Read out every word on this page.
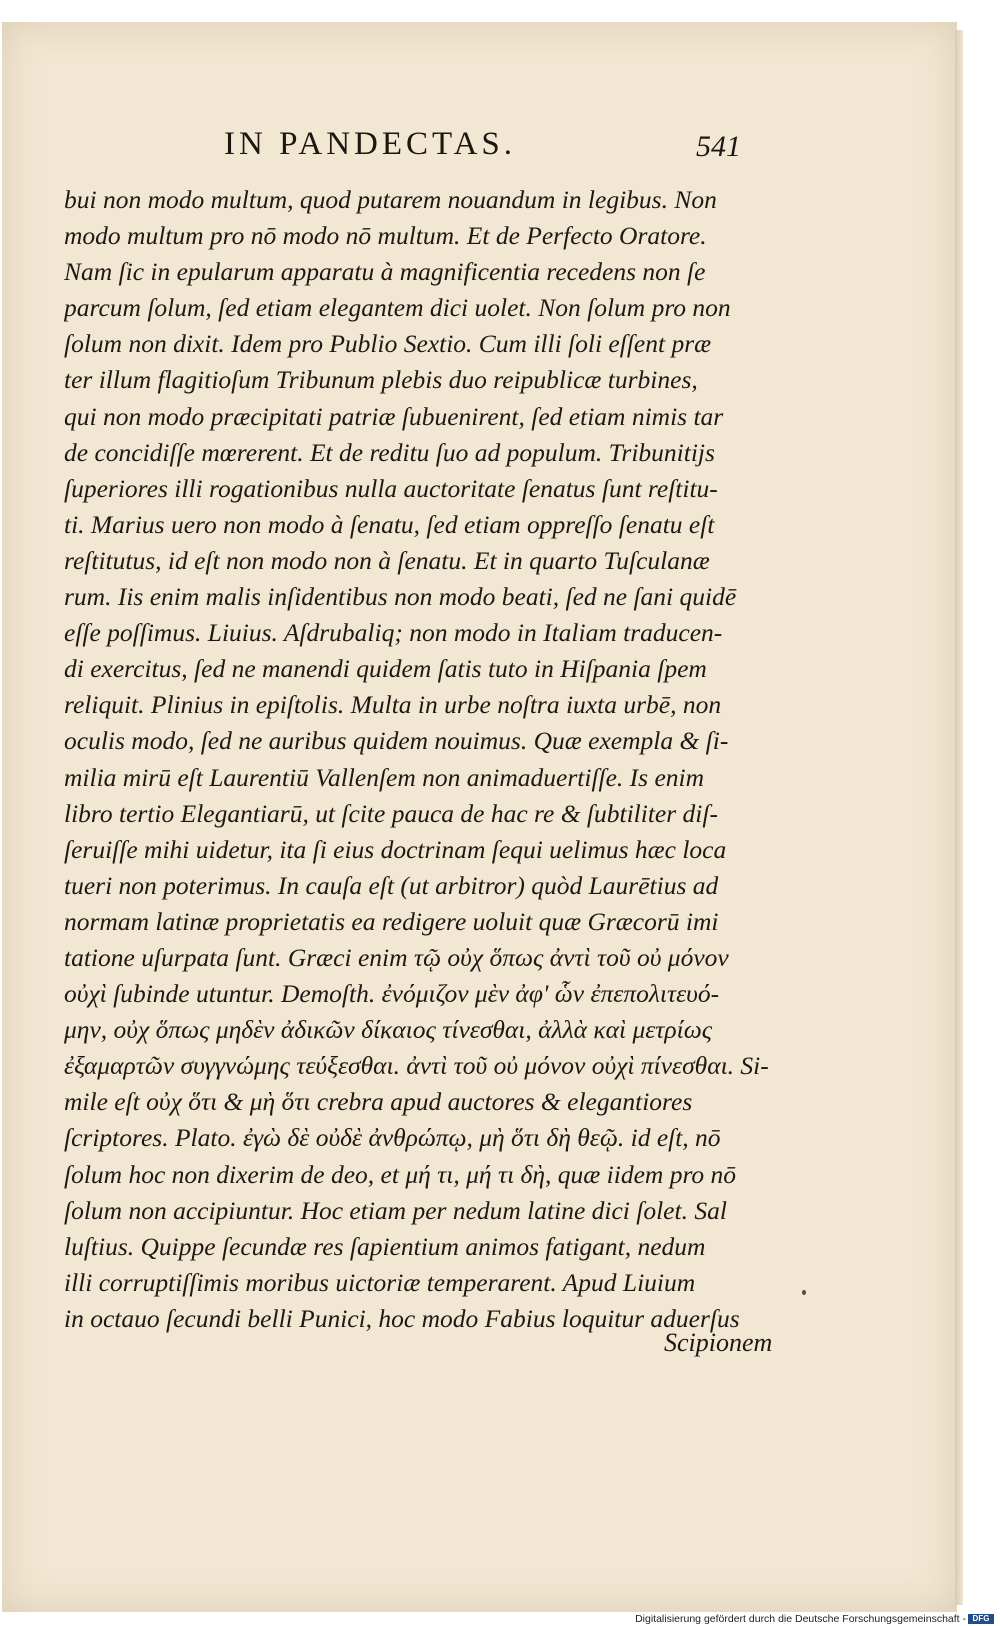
IN PANDECTAS.	541
bui non modo multum, quod putarem nouandum in legibus. Non
modo multum pro nō modo nō multum. Et de Perfecto Oratore.
Nam ſic in epularum apparatu à magnificentia recedens non ſe
parcum ſolum, ſed etiam elegantem dici uolet. Non ſolum pro non
ſolum non dixit. Idem pro Publio Sextio. Cum illi ſoli eſſent præ
ter illum flagitioſum Tribunum plebis duo reipublicæ turbines,
qui non modo præcipitati patriæ ſubuenirent, ſed etiam nimis tar
de concidiſſe mœrerent. Et de reditu ſuo ad populum. Tribunitijs
ſuperiores illi rogationibus nulla auctoritate ſenatus ſunt reſtitu-
ti. Marius uero non modo à ſenatu, ſed etiam oppreſſo ſenatu eſt
reſtitutus, id eſt non modo non à ſenatu. Et in quarto Tuſculanæ
rum. Iis enim malis inſidentibus non modo beati, ſed ne ſani quidē
eſſe poſſimus. Liuius. Aſdrubaliq; non modo in Italiam traducen-
di exercitus, ſed ne manendi quidem ſatis tuto in Hiſpania ſpem
reliquit. Plinius in epiſtolis. Multa in urbe noſtra iuxta urbē, non
oculis modo, ſed ne auribus quidem nouimus. Quæ exempla & ſi-
milia mirū eſt Laurentiū Vallenſem non animaduertiſſe. Is enim
libro tertio Elegantiarū, ut ſcite pauca de hac re & ſubtiliter diſ-
ſeruiſſe mihi uidetur, ita ſi eius doctrinam ſequi uelimus hæc loca
tueri non poterimus. In cauſa eſt (ut arbitror) quòd Laurētius ad
normam latinæ proprietatis ea redigere uoluit quæ Græcorū imi
tatione uſurpata ſunt. Græci enim τῷ οὐχ ὅπως ἀντὶ τοῦ οὐ μόνον
οὐχὶ ſubinde utuntur. Demoſth. ἐνόμιζον μὲν ἀφ' ὧν ἐπεπολιτευό-
μην, οὐχ ὅπως μηδὲν ἀδικῶν δίκαιος τίνεσθαι, ἀλλὰ καὶ μετρίως
ἐξαμαρτῶν συγγνώμης τεύξεσθαι. ἀντὶ τοῦ οὐ μόνον οὐχὶ πίνεσθαι. Si-
mile eſt οὐχ ὅτι & μὴ ὅτι crebra apud auctores & elegantiores
ſcriptores. Plato. ἐγὼ δὲ οὐδὲ ἀνθρώπῳ, μὴ ὅτι δὴ θεῷ. id eſt, nō
ſolum hoc non dixerim de deo, et μή τι, μή τι δὴ, quæ iidem pro nō
ſolum non accipiuntur. Hoc etiam per nedum latine dici ſolet. Sal
luſtius. Quippe ſecundæ res ſapientium animos fatigant, nedum
illi corruptiſſimis moribus uictoriæ temperarent. Apud Liuium
in octauo ſecundi belli Punici, hoc modo Fabius loquitur aduerſus
Scipionem
Digitalisierung gefördert durch die Deutsche Forschungsgemeinschaft - DFG
